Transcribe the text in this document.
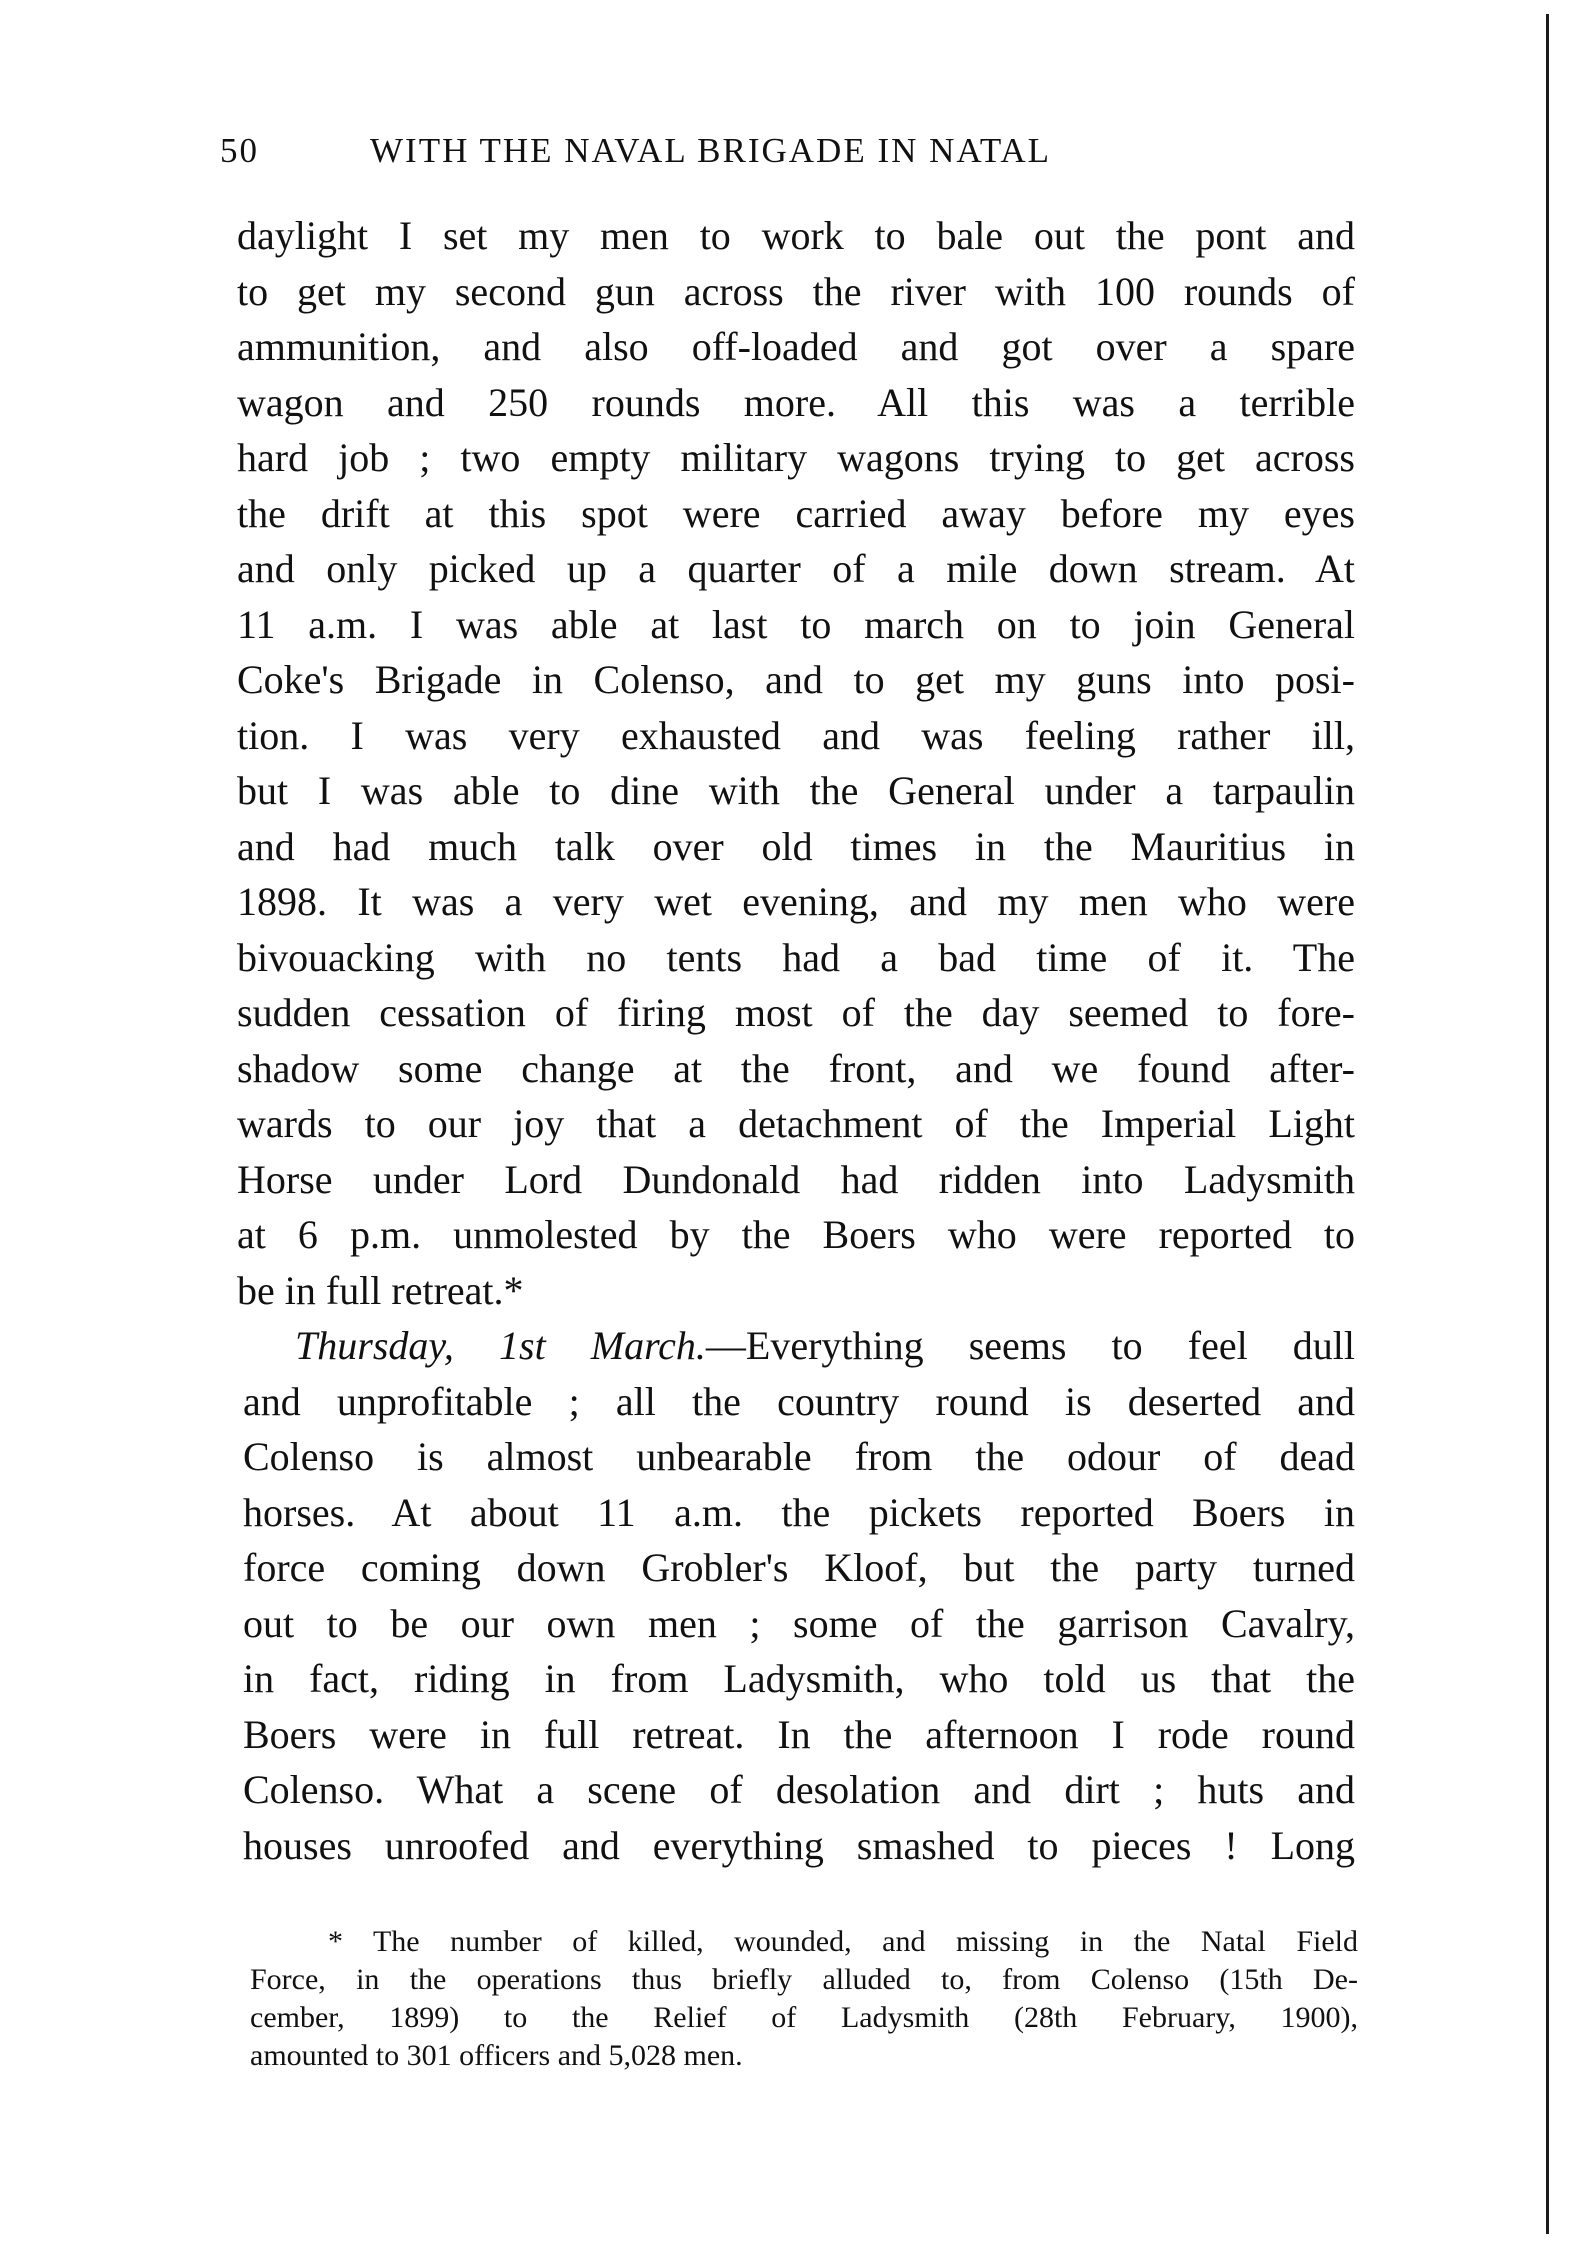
50	WITH THE NAVAL BRIGADE IN NATAL
daylight I set my men to work to bale out the pont and
to get my second gun across the river with 100 rounds of
ammunition, and also off-loaded and got over a spare
wagon and 250 rounds more. All this was a terrible
hard job ; two empty military wagons trying to get across
the drift at this spot were carried away before my eyes
and only picked up a quarter of a mile down stream. At
11 a.m. I was able at last to march on to join General
Coke's Brigade in Colenso, and to get my guns into posi-
tion. I was very exhausted and was feeling rather ill,
but I was able to dine with the General under a tarpaulin
and had much talk over old times in the Mauritius in
1898. It was a very wet evening, and my men who were
bivouacking with no tents had a bad time of it. The
sudden cessation of firing most of the day seemed to fore-
shadow some change at the front, and we found after-
wards to our joy that a detachment of the Imperial Light
Horse under Lord Dundonald had ridden into Ladysmith
at 6 p.m. unmolested by the Boers who were reported to
be in full retreat.*
Thursday, 1st March.—Everything seems to feel dull
and unprofitable ; all the country round is deserted and
Colenso is almost unbearable from the odour of dead
horses. At about 11 a.m. the pickets reported Boers in
force coming down Grobler's Kloof, but the party turned
out to be our own men ; some of the garrison Cavalry,
in fact, riding in from Ladysmith, who told us that the
Boers were in full retreat. In the afternoon I rode round
Colenso. What a scene of desolation and dirt ; huts and
houses unroofed and everything smashed to pieces ! Long
* The number of killed, wounded, and missing in the Natal Field
Force, in the operations thus briefly alluded to, from Colenso (15th De-
cember, 1899) to the Relief of Ladysmith (28th February, 1900),
amounted to 301 officers and 5,028 men.
